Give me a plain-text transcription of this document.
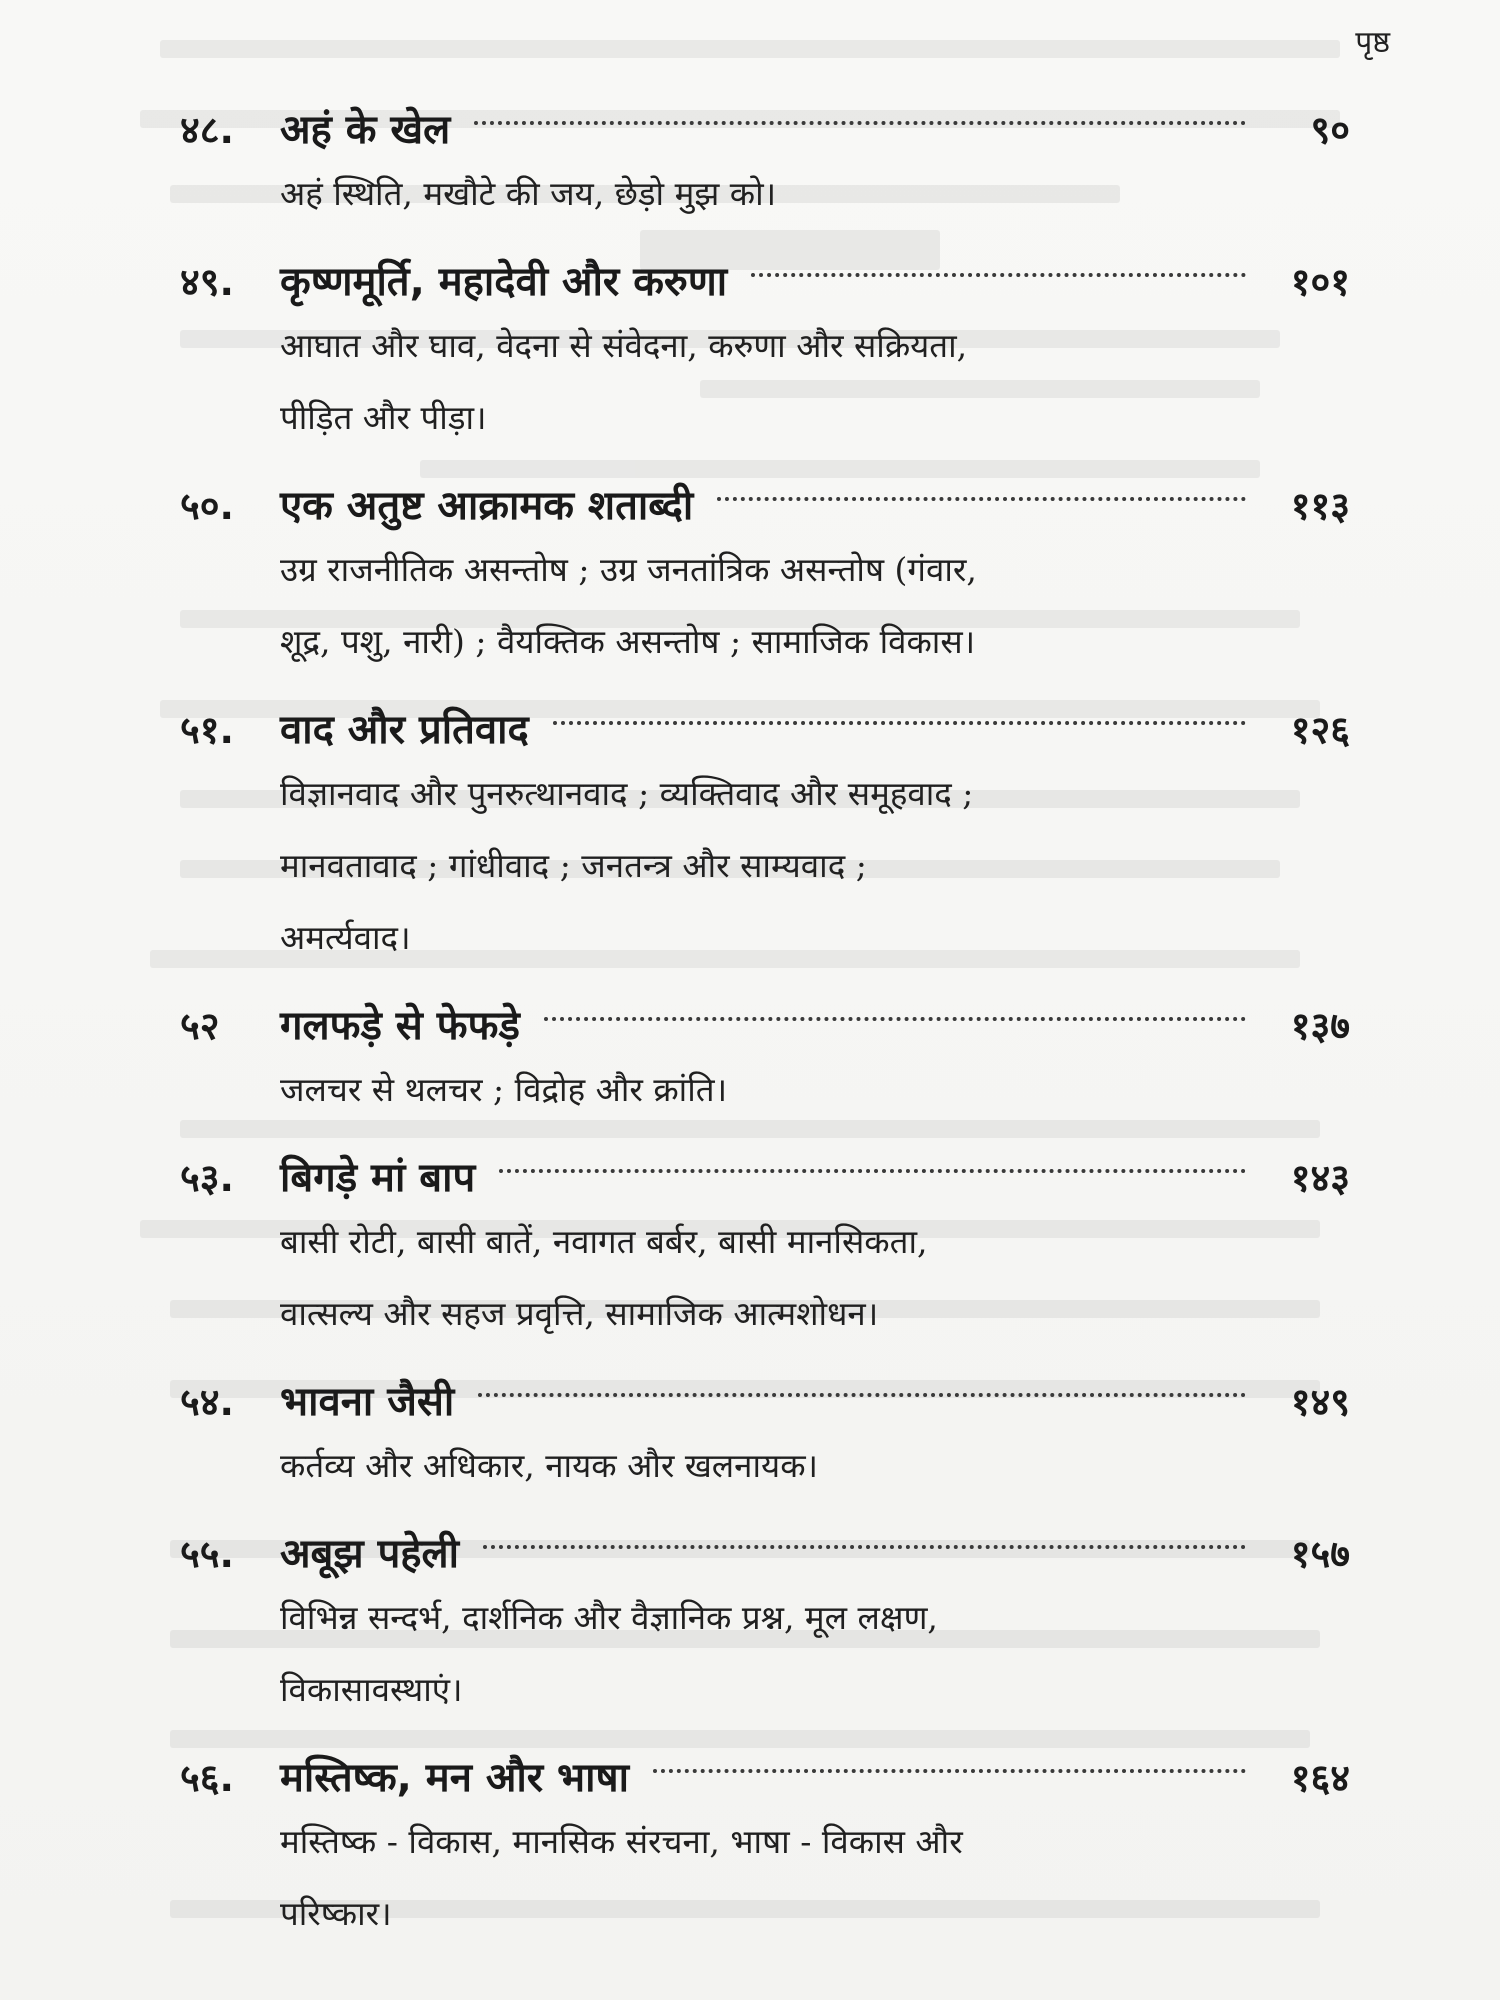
पृष्ठ
४८.	अहं के खेल	९०
अहं स्थिति, मखौटे की जय, छेड़ो मुझ को।
४९.	कृष्णमूर्ति, महादेवी और करुणा	१०१
आघात और घाव, वेदना से संवेदना, करुणा और सक्रियता,
पीड़ित और पीड़ा।
५०.	एक अतुष्ट आक्रामक शताब्दी	११३
उग्र राजनीतिक असन्तोष ; उग्र जनतांत्रिक असन्तोष (गंवार,
शूद्र, पशु, नारी) ; वैयक्तिक असन्तोष ; सामाजिक विकास।
५१.	वाद और प्रतिवाद	१२६
विज्ञानवाद और पुनरुत्थानवाद ; व्यक्तिवाद और समूहवाद ;
मानवतावाद ; गांधीवाद ; जनतन्त्र और साम्यवाद ;
अमर्त्यवाद।
५२	गलफड़े से फेफड़े	१३७
जलचर से थलचर ; विद्रोह और क्रांति।
५३.	बिगड़े मां बाप	१४३
बासी रोटी, बासी बातें, नवागत बर्बर, बासी मानसिकता,
वात्सल्य और सहज प्रवृत्ति, सामाजिक आत्मशोधन।
५४.	भावना जैसी	१४९
कर्तव्य और अधिकार, नायक और खलनायक।
५५.	अबूझ पहेली	१५७
विभिन्न सन्दर्भ, दार्शनिक और वैज्ञानिक प्रश्न, मूल लक्षण,
विकासावस्थाएं।
५६.	मस्तिष्क, मन और भाषा	१६४
मस्तिष्क - विकास, मानसिक संरचना, भाषा - विकास और
परिष्कार।
